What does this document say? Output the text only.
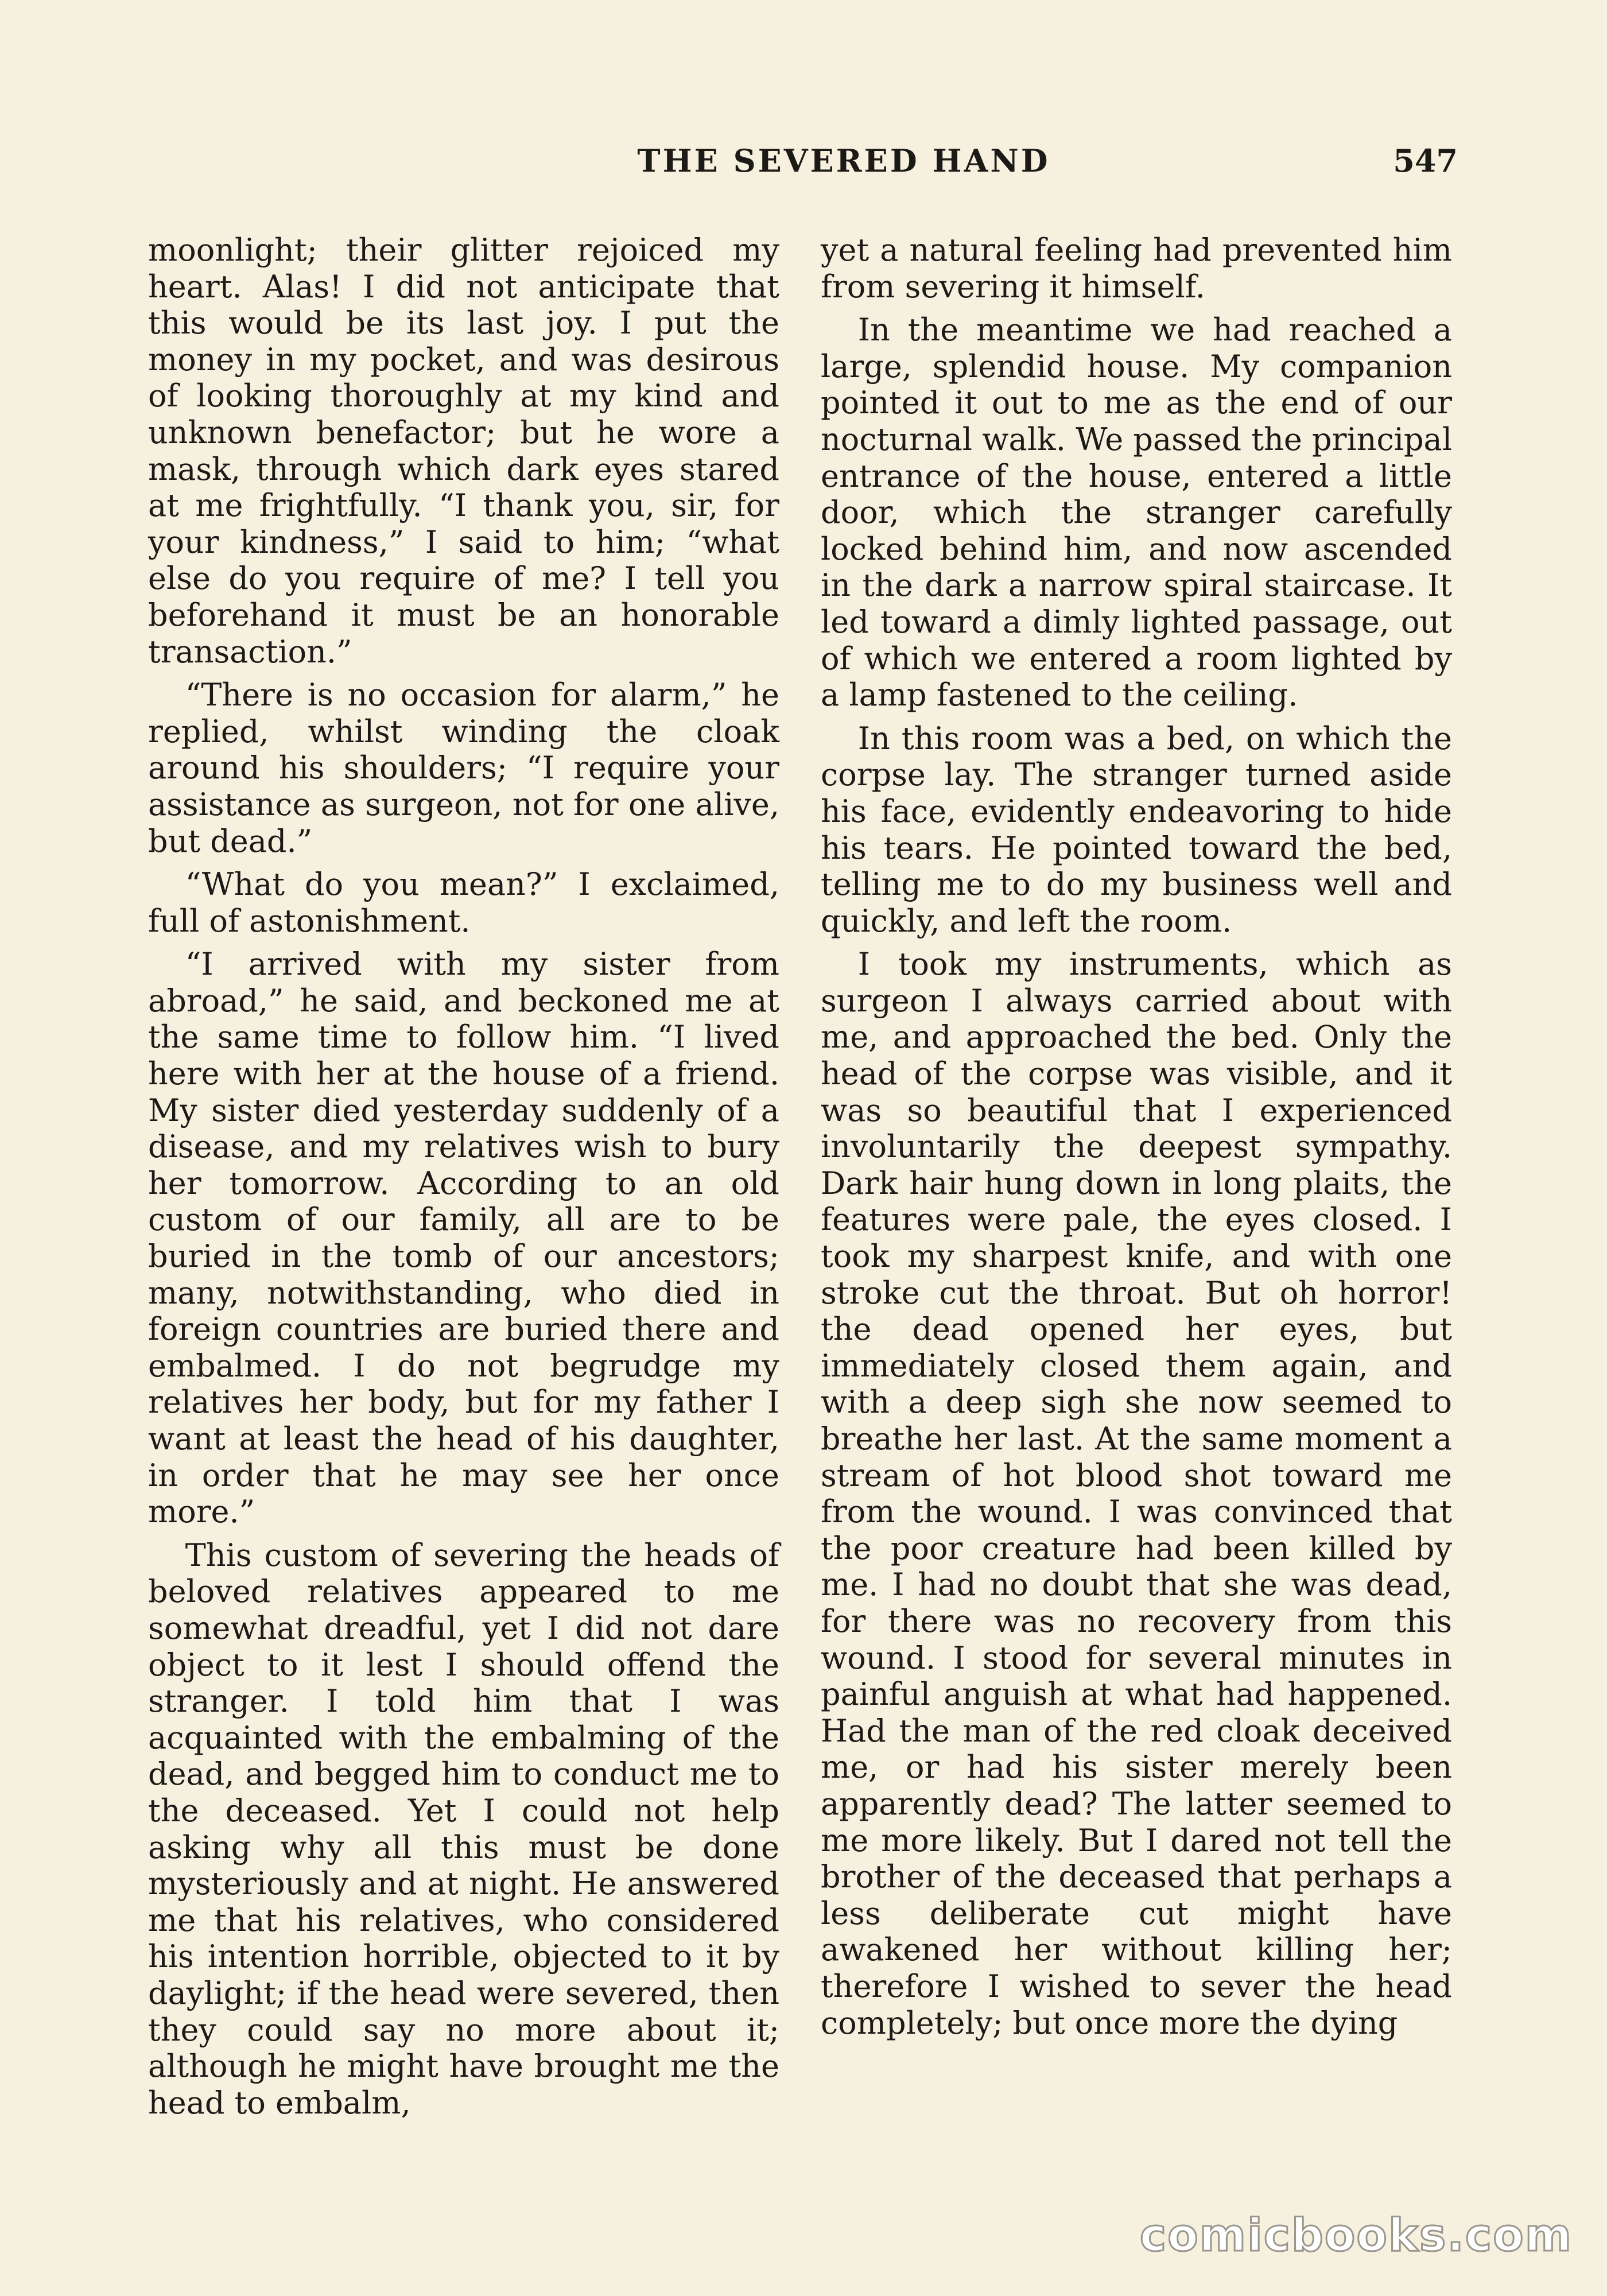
THE SEVERED HAND	547

moonlight; their glitter rejoiced my heart. Alas! I did not anticipate that this would be its last joy. I put the money in my pocket, and was desirous of looking thoroughly at my kind and unknown benefactor; but he wore a mask, through which dark eyes stared at me frightfully. “I thank you, sir, for your kindness,” I said to him; “what else do you require of me? I tell you beforehand it must be an honorable transaction.”

“There is no occasion for alarm,” he replied, whilst winding the cloak around his shoulders; “I require your assistance as surgeon, not for one alive, but dead.”

“What do you mean?” I exclaimed, full of astonishment.

“I arrived with my sister from abroad,” he said, and beckoned me at the same time to follow him. “I lived here with her at the house of a friend. My sister died yesterday suddenly of a disease, and my relatives wish to bury her tomorrow. According to an old custom of our family, all are to be buried in the tomb of our ancestors; many, notwithstanding, who died in foreign countries are buried there and embalmed. I do not begrudge my relatives her body, but for my father I want at least the head of his daughter, in order that he may see her once more.”

This custom of severing the heads of beloved relatives appeared to me somewhat dreadful, yet I did not dare object to it lest I should offend the stranger. I told him that I was acquainted with the embalming of the dead, and begged him to conduct me to the deceased. Yet I could not help asking why all this must be done mysteriously and at night. He answered me that his relatives, who considered his intention horrible, objected to it by daylight; if the head were severed, then they could say no more about it; although he might have brought me the head to embalm,

yet a natural feeling had prevented him from severing it himself.

In the meantime we had reached a large, splendid house. My companion pointed it out to me as the end of our nocturnal walk. We passed the principal entrance of the house, entered a little door, which the stranger carefully locked behind him, and now ascended in the dark a narrow spiral staircase. It led toward a dimly lighted passage, out of which we entered a room lighted by a lamp fastened to the ceiling.

In this room was a bed, on which the corpse lay. The stranger turned aside his face, evidently endeavoring to hide his tears. He pointed toward the bed, telling me to do my business well and quickly, and left the room.

I took my instruments, which as surgeon I always carried about with me, and approached the bed. Only the head of the corpse was visible, and it was so beautiful that I experienced involuntarily the deepest sympathy. Dark hair hung down in long plaits, the features were pale, the eyes closed. I took my sharpest knife, and with one stroke cut the throat. But oh horror! the dead opened her eyes, but immediately closed them again, and with a deep sigh she now seemed to breathe her last. At the same moment a stream of hot blood shot toward me from the wound. I was convinced that the poor creature had been killed by me. I had no doubt that she was dead, for there was no recovery from this wound. I stood for several minutes in painful anguish at what had happened. Had the man of the red cloak deceived me, or had his sister merely been apparently dead? The latter seemed to me more likely. But I dared not tell the brother of the deceased that perhaps a less deliberate cut might have awakened her without killing her; therefore I wished to sever the head completely; but once more the dying

comicbooks.com
